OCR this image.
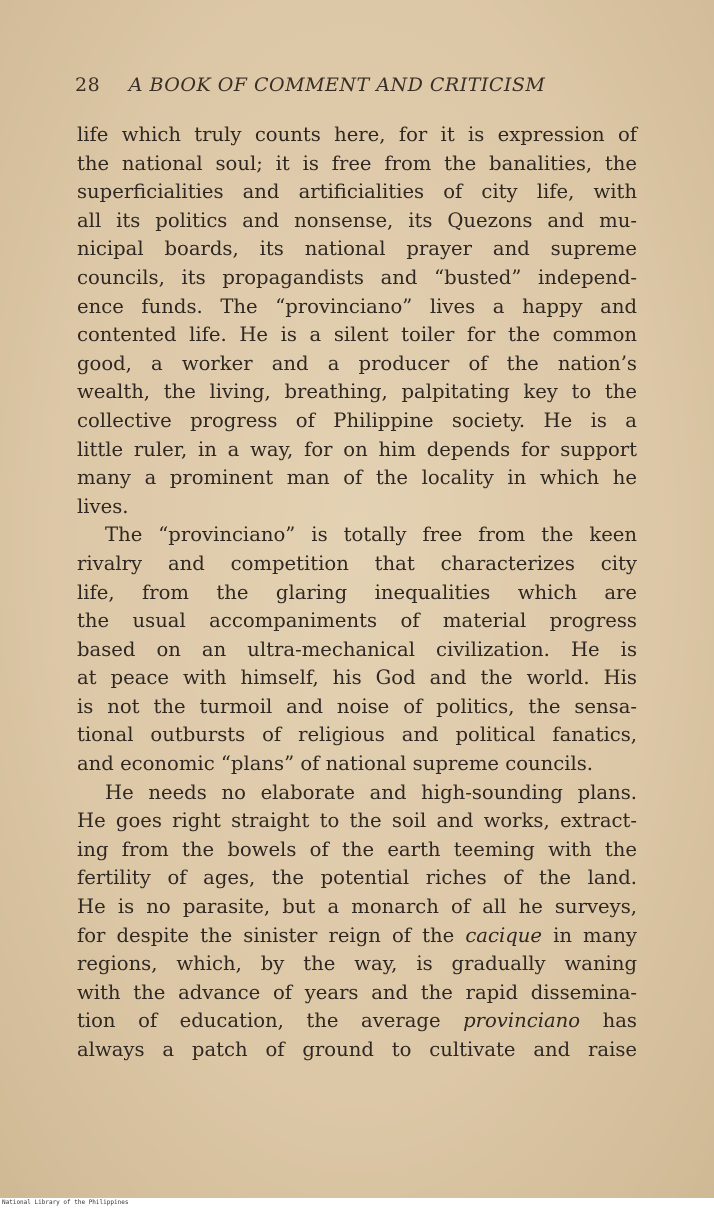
28 A BOOK OF COMMENT AND CRITICISM
life which truly counts here, for it is expression of
the national soul; it is free from the banalities, the
superficialities and artificialities of city life, with
all its politics and nonsense, its Quezons and mu-
nicipal boards, its national prayer and supreme
councils, its propagandists and “busted” independ-
ence funds. The “provinciano” lives a happy and
contented life. He is a silent toiler for the common
good, a worker and a producer of the nation’s
wealth, the living, breathing, palpitating key to the
collective progress of Philippine society. He is a
little ruler, in a way, for on him depends for support
many a prominent man of the locality in which he
lives.
The “provinciano” is totally free from the keen
rivalry and competition that characterizes city
life, from the glaring inequalities which are
the usual accompaniments of material progress
based on an ultra-mechanical civilization. He is
at peace with himself, his God and the world. His
is not the turmoil and noise of politics, the sensa-
tional outbursts of religious and political fanatics,
and economic “plans” of national supreme councils.
He needs no elaborate and high-sounding plans.
He goes right straight to the soil and works, extract-
ing from the bowels of the earth teeming with the
fertility of ages, the potential riches of the land.
He is no parasite, but a monarch of all he surveys,
for despite the sinister reign of the cacique in many
regions, which, by the way, is gradually waning
with the advance of years and the rapid dissemina-
tion of education, the average provinciano has
always a patch of ground to cultivate and raise
National Library of the Philippines
